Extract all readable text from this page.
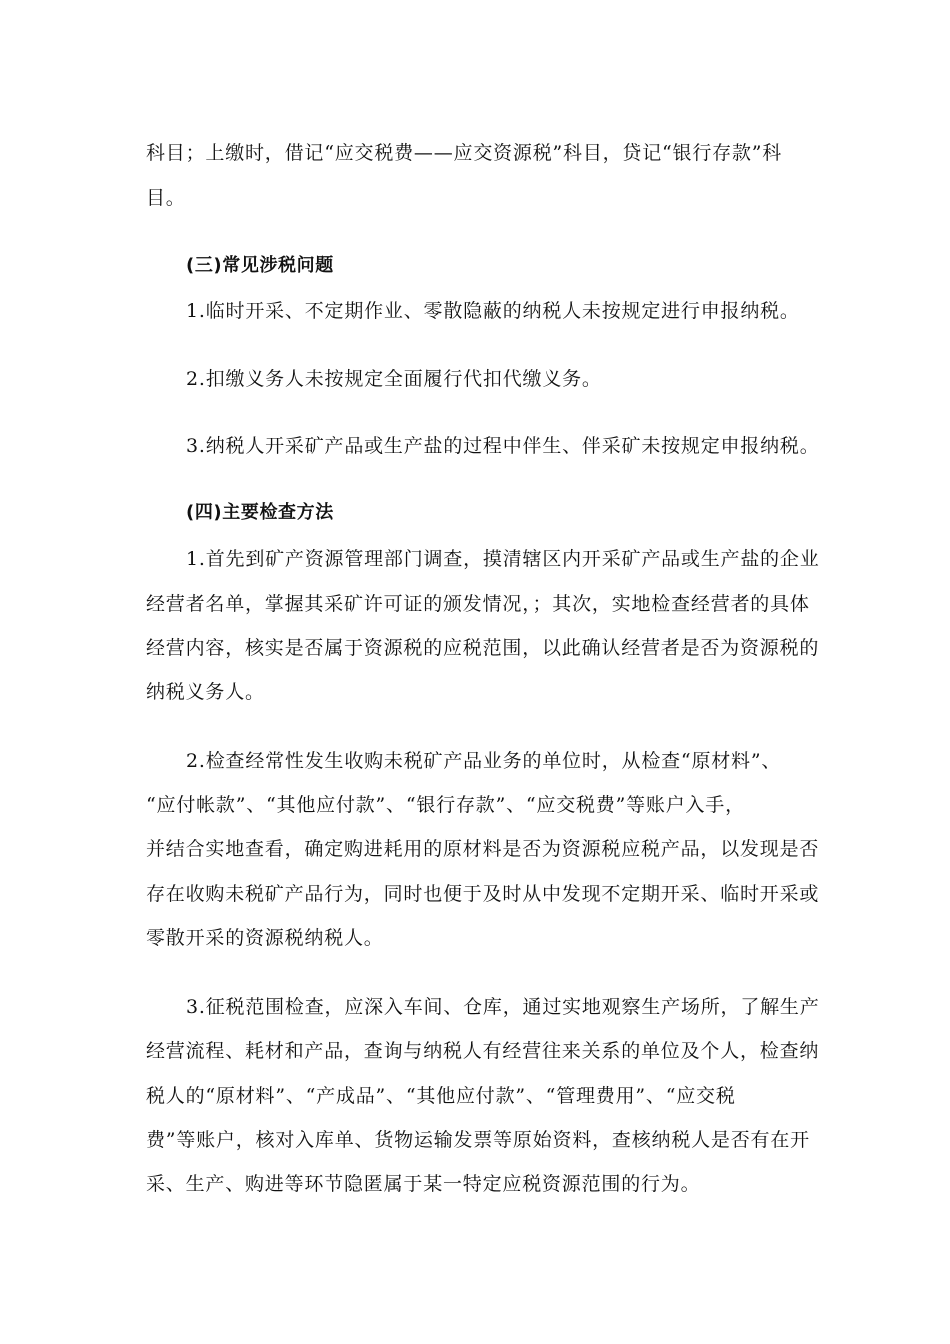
科目；上缴时，借记“应交税费——应交资源税”科目，贷记“银行存款”科
目。
(三)常见涉税问题
1.临时开采、不定期作业、零散隐蔽的纳税人未按规定进行申报纳税。
2.扣缴义务人未按规定全面履行代扣代缴义务。
3.纳税人开采矿产品或生产盐的过程中伴生、伴采矿未按规定申报纳税。
(四)主要检查方法
1.首先到矿产资源管理部门调查，摸清辖区内开采矿产品或生产盐的企业
经营者名单，掌握其采矿许可证的颁发情况，；其次，实地检查经营者的具体
经营内容，核实是否属于资源税的应税范围，以此确认经营者是否为资源税的
纳税义务人。
2.检查经常性发生收购未税矿产品业务的单位时，从检查“原材料”、
“应付帐款”、“其他应付款”、“银行存款”、“应交税费”等账户入手，
并结合实地查看，确定购进耗用的原材料是否为资源税应税产品，以发现是否
存在收购未税矿产品行为，同时也便于及时从中发现不定期开采、临时开采或
零散开采的资源税纳税人。
3.征税范围检查，应深入车间、仓库，通过实地观察生产场所，了解生产
经营流程、耗材和产品，查询与纳税人有经营往来关系的单位及个人，检查纳
税人的“原材料”、“产成品”、“其他应付款”、“管理费用”、“应交税
费”等账户，核对入库单、货物运输发票等原始资料，查核纳税人是否有在开
采、生产、购进等环节隐匿属于某一特定应税资源范围的行为。
